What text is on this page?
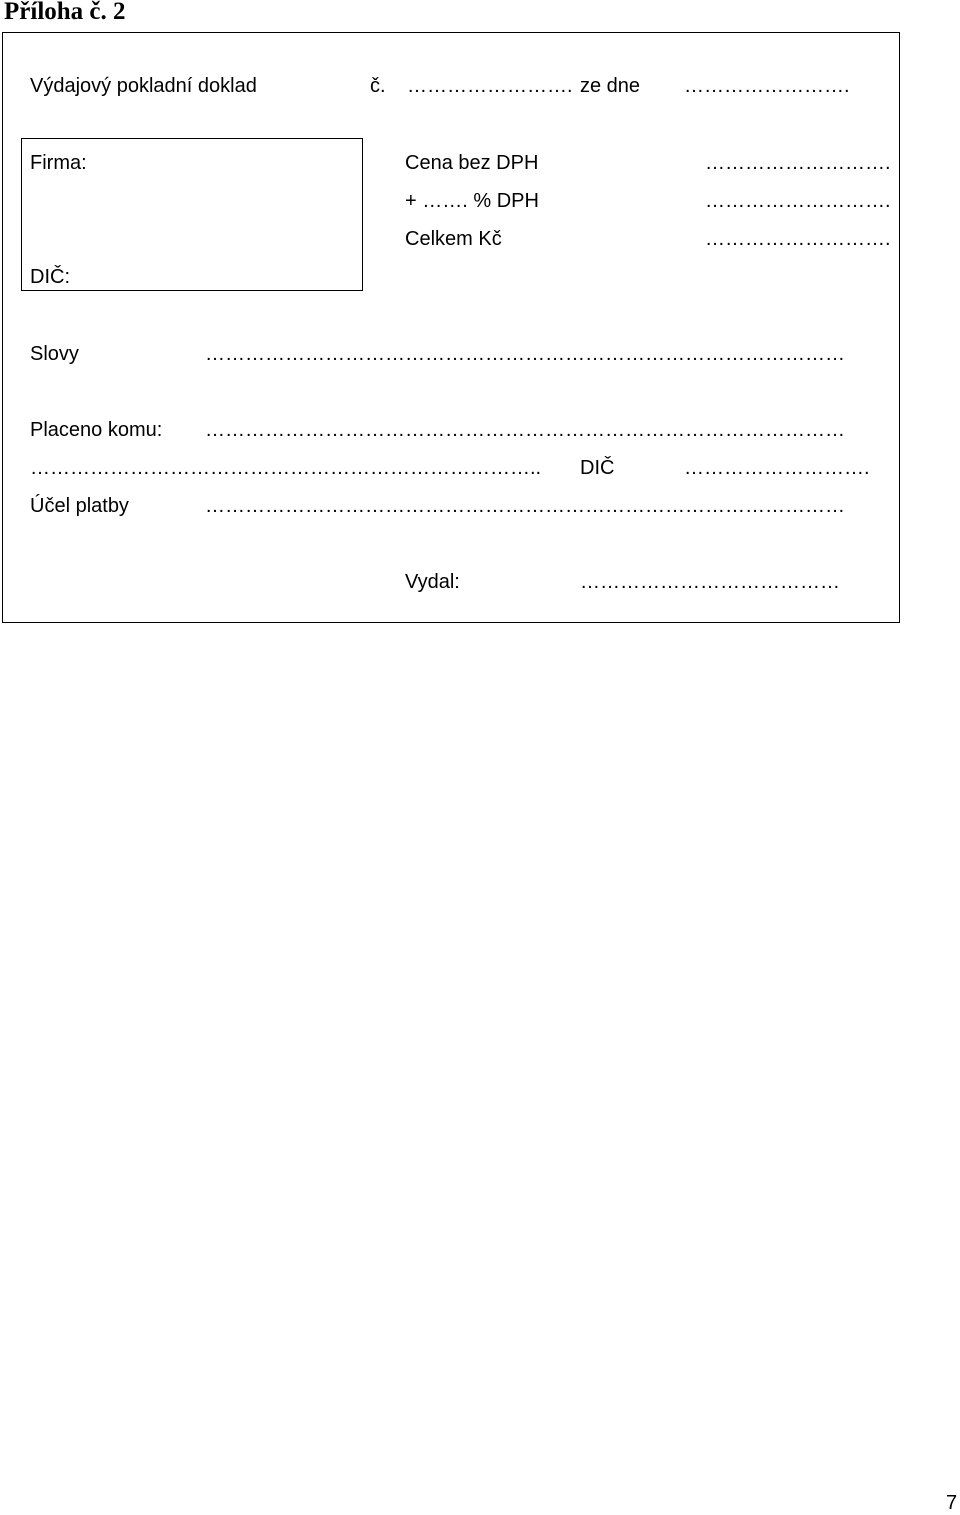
Příloha č. 2
Výdajový pokladní doklad	č. ……………………. ze dne …………………….
Firma:
DIČ:
Cena bez DPH	……………………….
+ ……. % DPH	……………………….
Celkem Kč	……………………….
Slovy	……………………………………………………………………………………
Placeno komu: ……………………………………………………………………………………
………………………………………………………………….. DIČ	……………………….
Účel platby	……………………………………………………………………………………
Vydal:	…………………………………
7
